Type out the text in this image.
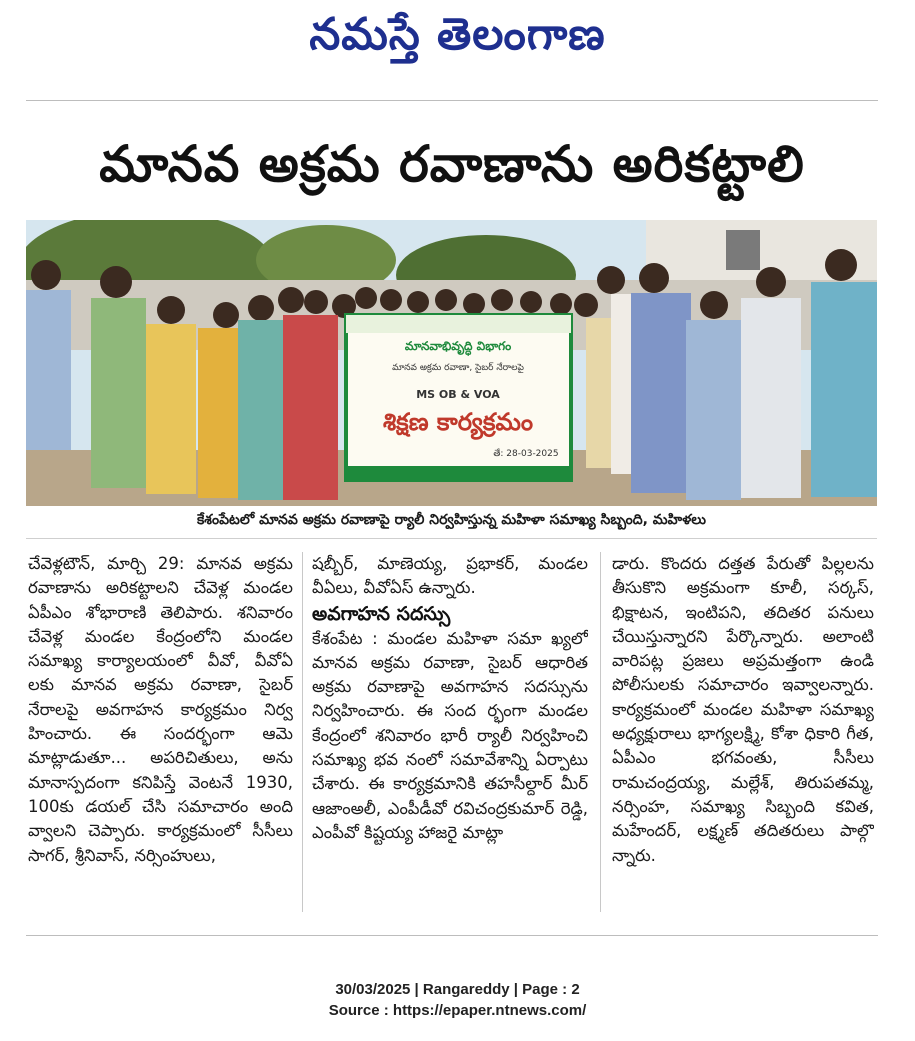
నమస్తే తెలంగాణ
మానవ అక్రమ రవాణాను అరికట్టాలి
మానవాభివృద్ధి విభాగం
మానవ అక్రమ రవాణా, సైబర్ నేరాలపై
MS OB & VOA
శిక్షణ కార్యక్రమం
తే: 28-03-2025
కేశంపేటలో మానవ అక్రమ రవాణాపై ర్యాలీ నిర్వహిస్తున్న మహిళా సమాఖ్య సిబ్బంది, మహిళలు

చేవెళ్లటౌన్, మార్చి 29: మానవ అక్రమ రవాణాను అరికట్టాలని చేవెళ్ల మండల ఏపీఎం శోభారాణి తెలిపారు. శనివారం చేవెళ్ల మండల కేంద్రంలోని మండల సమాఖ్య కార్యాలయంలో వీవో, వీవోఏ లకు మానవ అక్రమ రవాణా, సైబర్ నేరాలపై అవగాహన కార్యక్రమం నిర్వ హించారు. ఈ సందర్భంగా ఆమె మాట్లాడుతూ... అపరిచితులు, అను మానాస్పదంగా కనిపిస్తే వెంటనే 1930, 100కు డయల్ చేసి సమాచారం అంది వ్వాలని చెప్పారు. కార్యక్రమంలో సీసీలు సాగర్, శ్రీనివాస్, నర్సింహులు,

షబ్బీర్, మాణెయ్య, ప్రభాకర్, మండల వీఏలు, వీవోఏస్ ఉన్నారు.

అవగాహన సదస్సు

కేశంపేట : మండల మహిళా సమా ఖ్యలో మానవ అక్రమ రవాణా, సైబర్ ఆధారిత అక్రమ రవాణాపై అవగాహన సదస్సును నిర్వహించారు. ఈ సంద ర్భంగా మండల కేంద్రంలో శనివారం భారీ ర్యాలీ నిర్వహించి సమాఖ్య భవ నంలో సమావేశాన్ని ఏర్పాటు చేశారు. ఈ కార్యక్రమానికి తహసీల్దార్ మీర్ ఆజాంఅలీ, ఎంపీడీవో రవిచంద్రకుమార్ రెడ్డి, ఎంపీవో కిష్టయ్య హాజరై మాట్లా

డారు. కొందరు దత్తత పేరుతో పిల్లలను తీసుకొని అక్రమంగా కూలీ, సర్కస్, భిక్షాటన, ఇంటిపని, తదితర పనులు చేయిస్తున్నారని పేర్కొన్నారు. అలాంటి వారిపట్ల ప్రజలు అప్రమత్తంగా ఉండి పోలీసులకు సమాచారం ఇవ్వాలన్నారు. కార్యక్రమంలో మండల మహిళా సమాఖ్య అధ్యక్షురాలు భాగ్యలక్ష్మి, కోశా ధికారి గీత, ఏపీఎం భగవంతు, సీసీలు రామచంద్రయ్య, మల్లేశ్, తిరుపతమ్మ, నర్సింహ, సమాఖ్య సిబ్బంది కవిత, మహేందర్, లక్ష్మణ్ తదితరులు పాల్గొ న్నారు.

30/03/2025 | Rangareddy | Page : 2
Source : https://epaper.ntnews.com/
